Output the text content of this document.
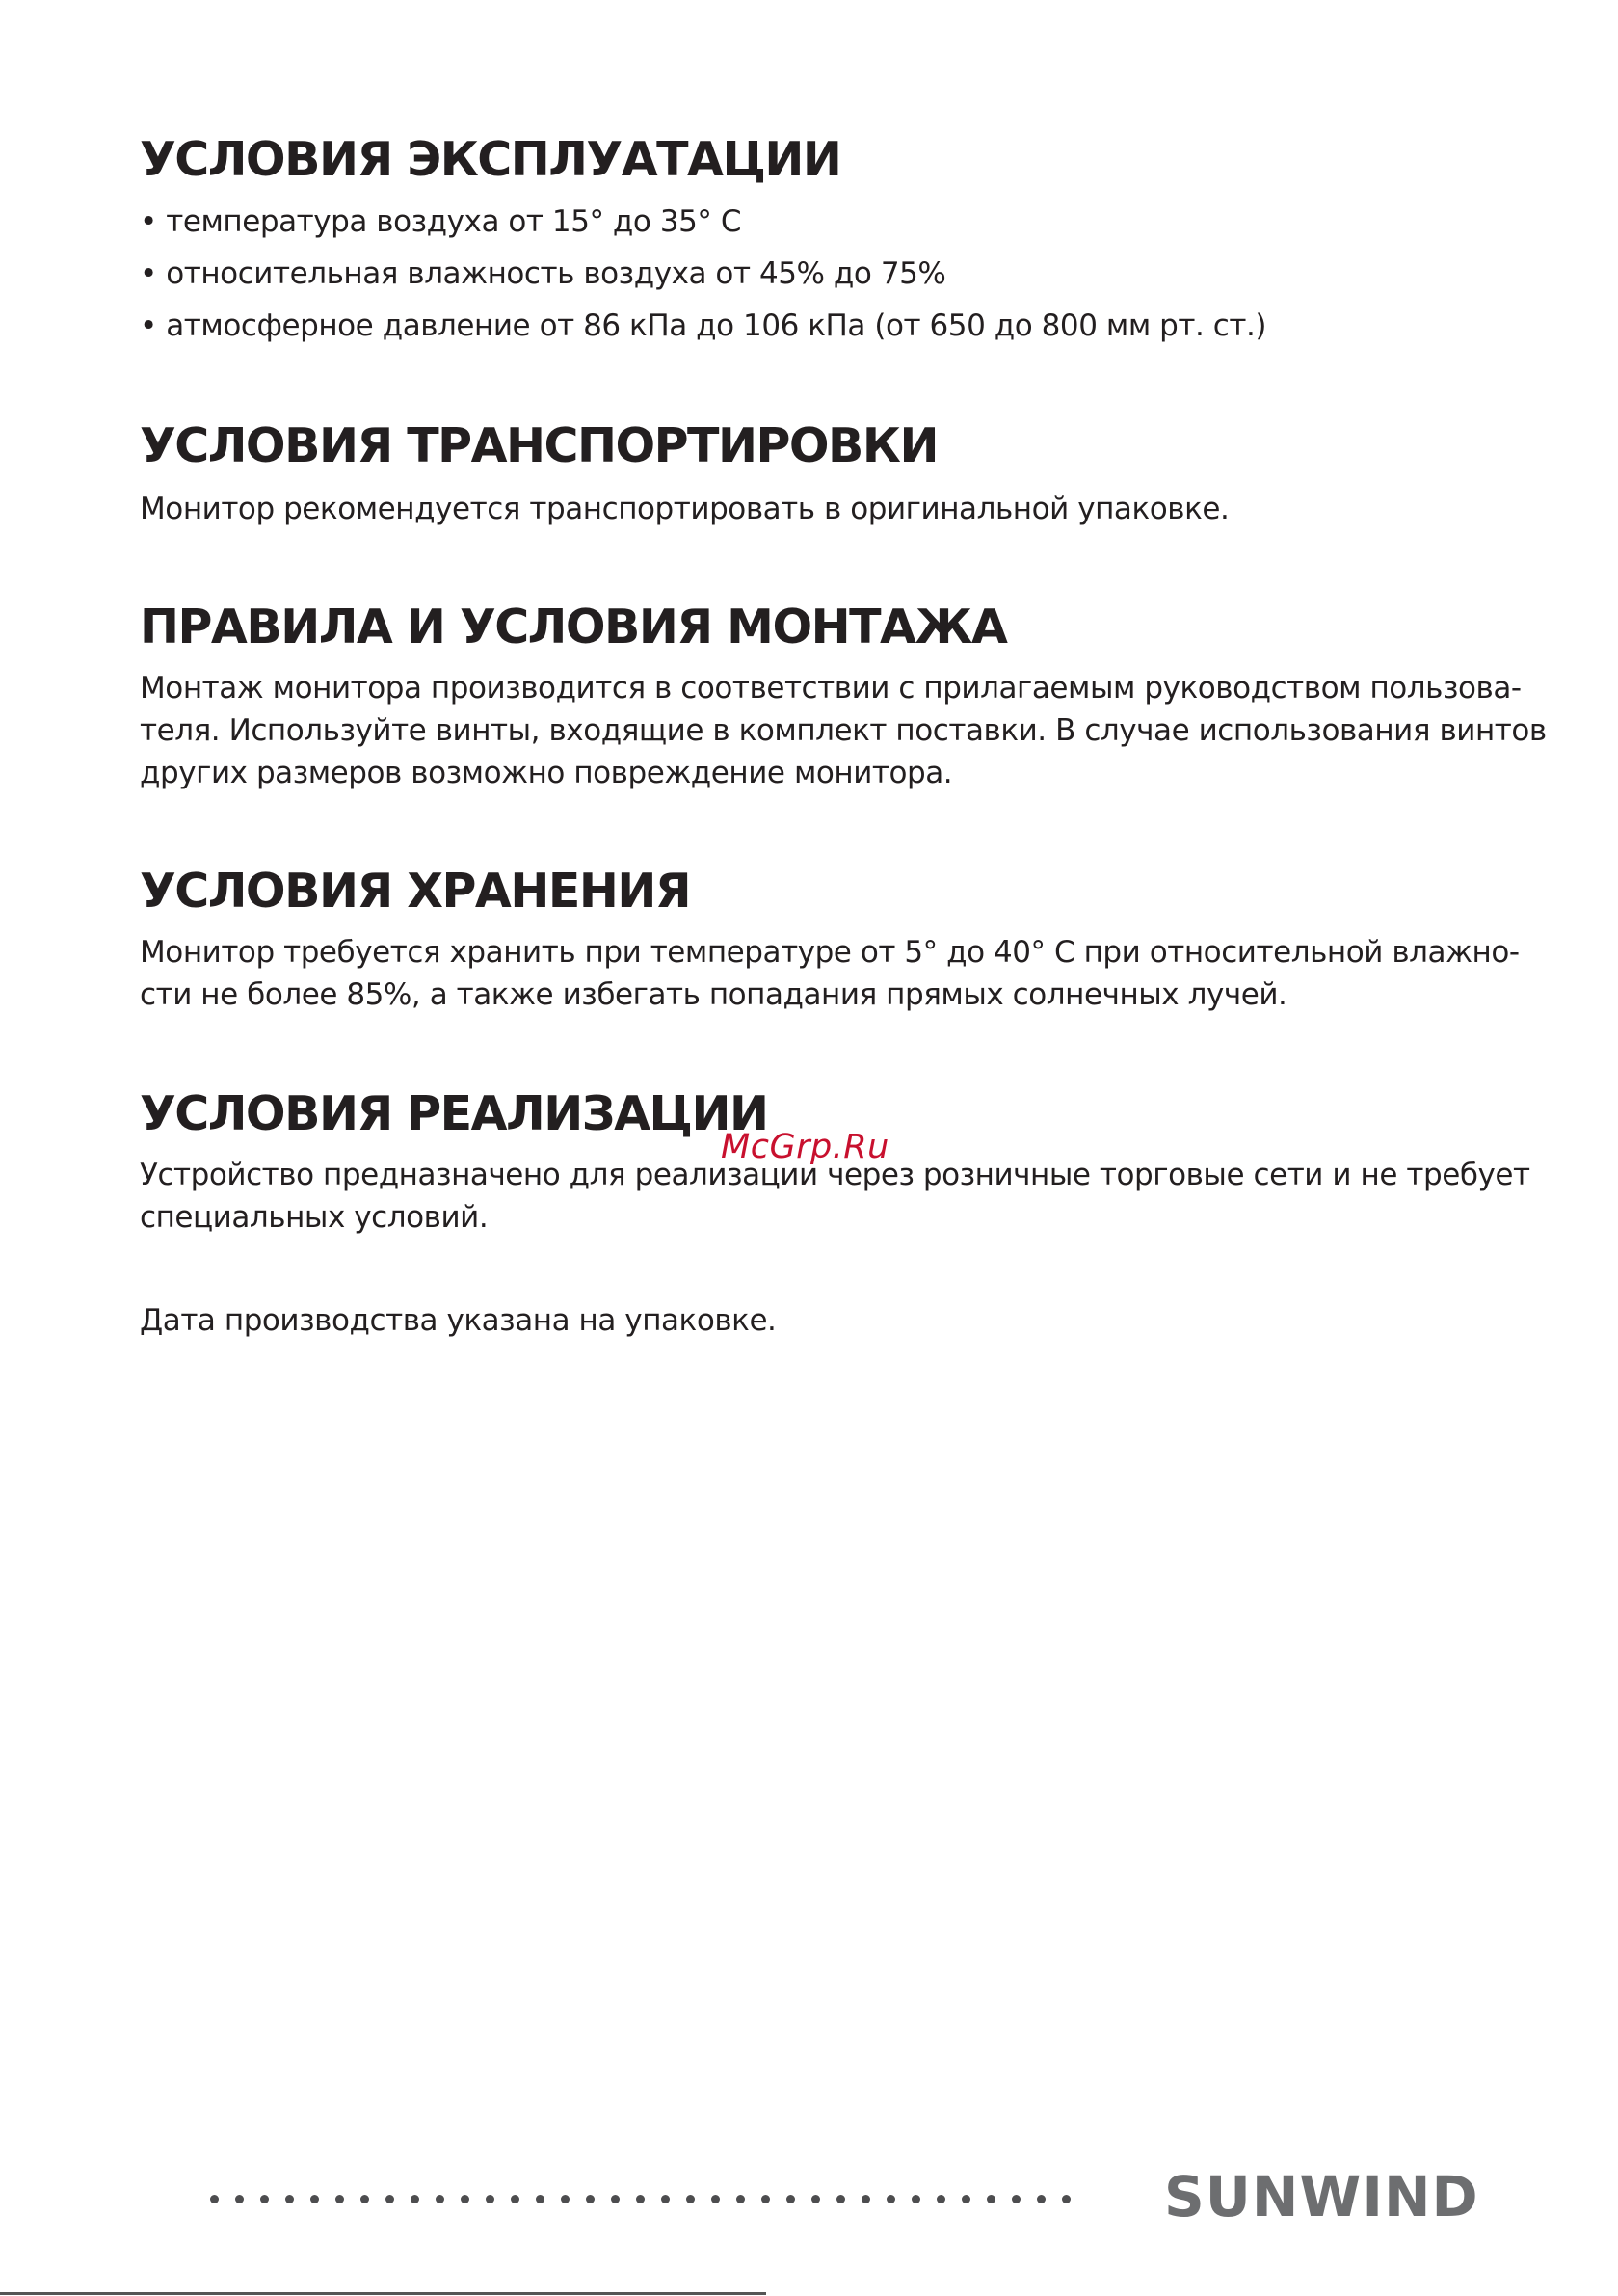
УСЛОВИЯ ЭКСПЛУАТАЦИИ

• температура воздуха от 15° до 35° С

• относительная влажность воздуха от 45% до 75%

• атмосферное давление от 86 кПа до 106 кПа (от 650 до 800 мм рт. ст.)

УСЛОВИЯ ТРАНСПОРТИРОВКИ

Монитор рекомендуется транспортировать в оригинальной упаковке.

ПРАВИЛА И УСЛОВИЯ МОНТАЖА

Монтаж монитора производится в соответствии с прилагаемым руководством пользова-

теля. Используйте винты, входящие в комплект поставки. В случае использования винтов

других размеров возможно повреждение монитора.

УСЛОВИЯ ХРАНЕНИЯ

Монитор требуется хранить при температуре от 5° до 40° С при относительной влажно-

сти не более 85%, а также избегать попадания прямых солнечных лучей.

УСЛОВИЯ РЕАЛИЗАЦИИ

Устройство предназначено для реализации через розничные торговые сети и не требует

специальных условий.

Дата производства указана на упаковке.

McGrp.Ru
SUNWIND
